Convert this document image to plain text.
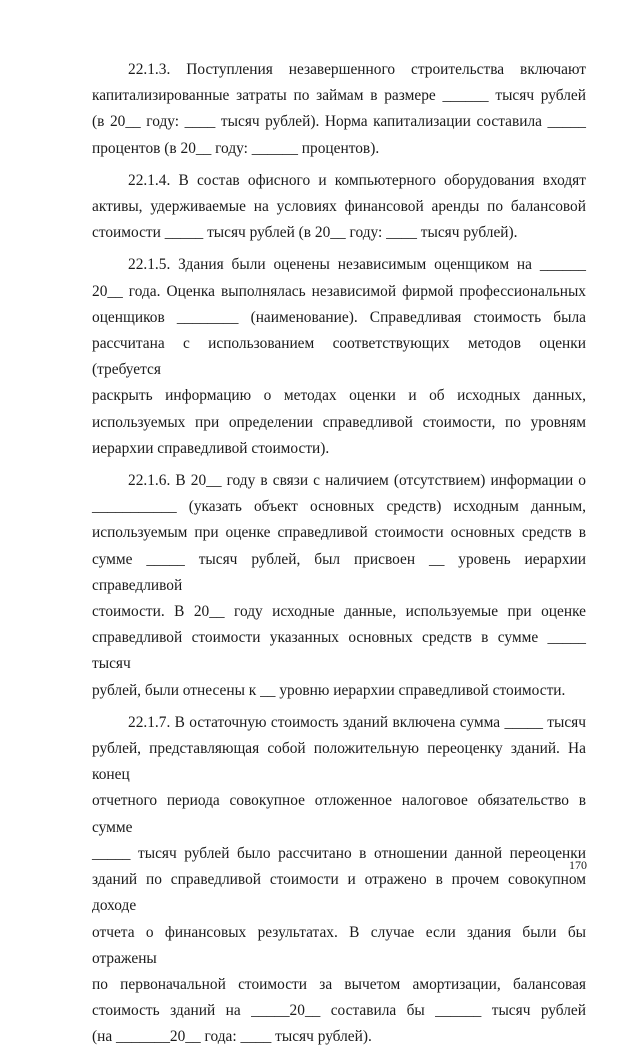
22.1.3. Поступления незавершенного строительства включают
капитализированные затраты по займам в размере ______ тысяч рублей
(в 20__ году: ____ тысяч рублей). Норма капитализации составила _____
процентов (в 20__ году: ______ процентов).
22.1.4. В состав офисного и компьютерного оборудования входят
активы, удерживаемые на условиях финансовой аренды по балансовой
стоимости _____ тысяч рублей (в 20__ году: ____ тысяч рублей).
22.1.5. Здания были оценены независимым оценщиком на ______
20__ года. Оценка выполнялась независимой фирмой профессиональных
оценщиков ________ (наименование). Справедливая стоимость была
рассчитана с использованием соответствующих методов оценки (требуется
раскрыть информацию о методах оценки и об исходных данных,
используемых при определении справедливой стоимости, по уровням
иерархии справедливой стоимости).
22.1.6. В 20__ году в связи с наличием (отсутствием) информации о
___________ (указать объект основных средств) исходным данным,
используемым при оценке справедливой стоимости основных средств в
сумме _____ тысяч рублей, был присвоен __ уровень иерархии справедливой
стоимости. В 20__ году исходные данные, используемые при оценке
справедливой стоимости указанных основных средств в сумме _____ тысяч
рублей, были отнесены к __ уровню иерархии справедливой стоимости.
22.1.7. В остаточную стоимость зданий включена сумма _____ тысяч
рублей, представляющая собой положительную переоценку зданий. На конец
отчетного периода совокупное отложенное налоговое обязательство в сумме
_____ тысяч рублей было рассчитано в отношении данной переоценки
зданий по справедливой стоимости и отражено в прочем совокупном доходе
отчета о финансовых результатах. В случае если здания были бы отражены
по первоначальной стоимости за вычетом амортизации, балансовая
стоимость зданий на _____20__ составила бы ______ тысяч рублей
(на _______20__ года: ____ тысяч рублей).
170
